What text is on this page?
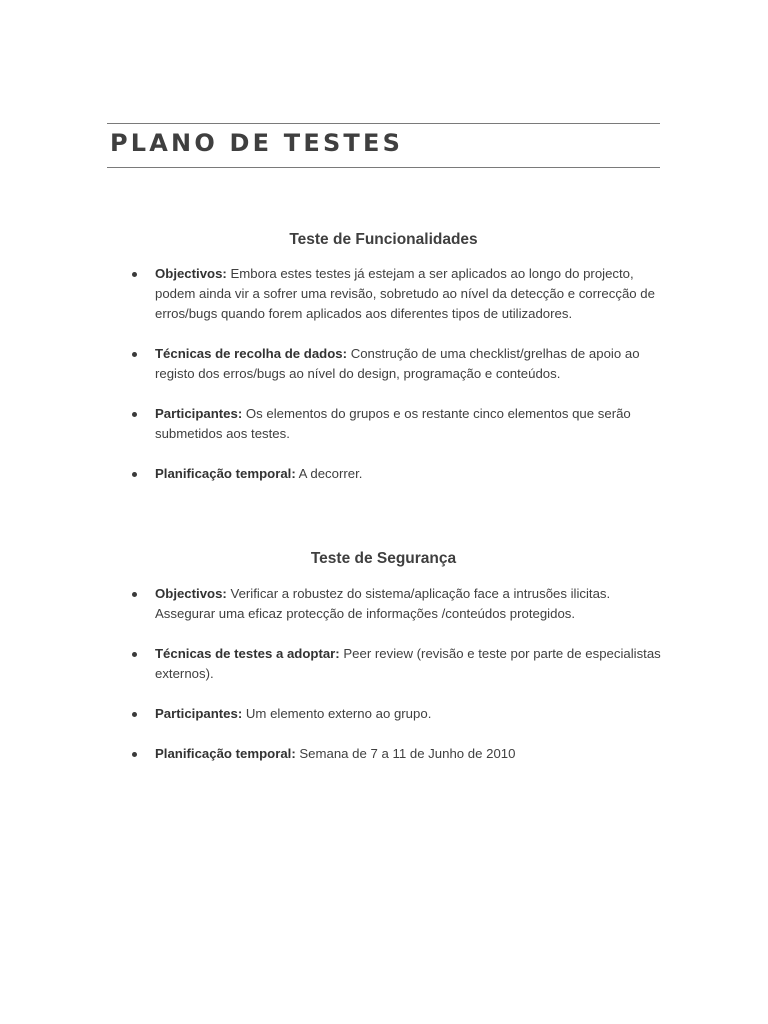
PLANO DE TESTES
Teste de Funcionalidades
Objectivos: Embora estes testes já estejam a ser aplicados ao longo do projecto, podem ainda vir a sofrer uma revisão, sobretudo ao nível da detecção e correcção de erros/bugs quando forem aplicados aos diferentes tipos de utilizadores.
Técnicas de recolha de dados: Construção de uma checklist/grelhas de apoio ao registo dos erros/bugs ao nível do design, programação e conteúdos.
Participantes: Os elementos do grupos e os restante cinco elementos que serão submetidos aos testes.
Planificação temporal: A decorrer.
Teste de Segurança
Objectivos: Verificar a robustez do sistema/aplicação face a intrusões ilicitas. Assegurar uma eficaz protecção de informações /conteúdos protegidos.
Técnicas de testes a adoptar: Peer review (revisão e teste por parte de especialistas externos).
Participantes: Um elemento externo ao grupo.
Planificação temporal: Semana de 7 a 11 de Junho de 2010
